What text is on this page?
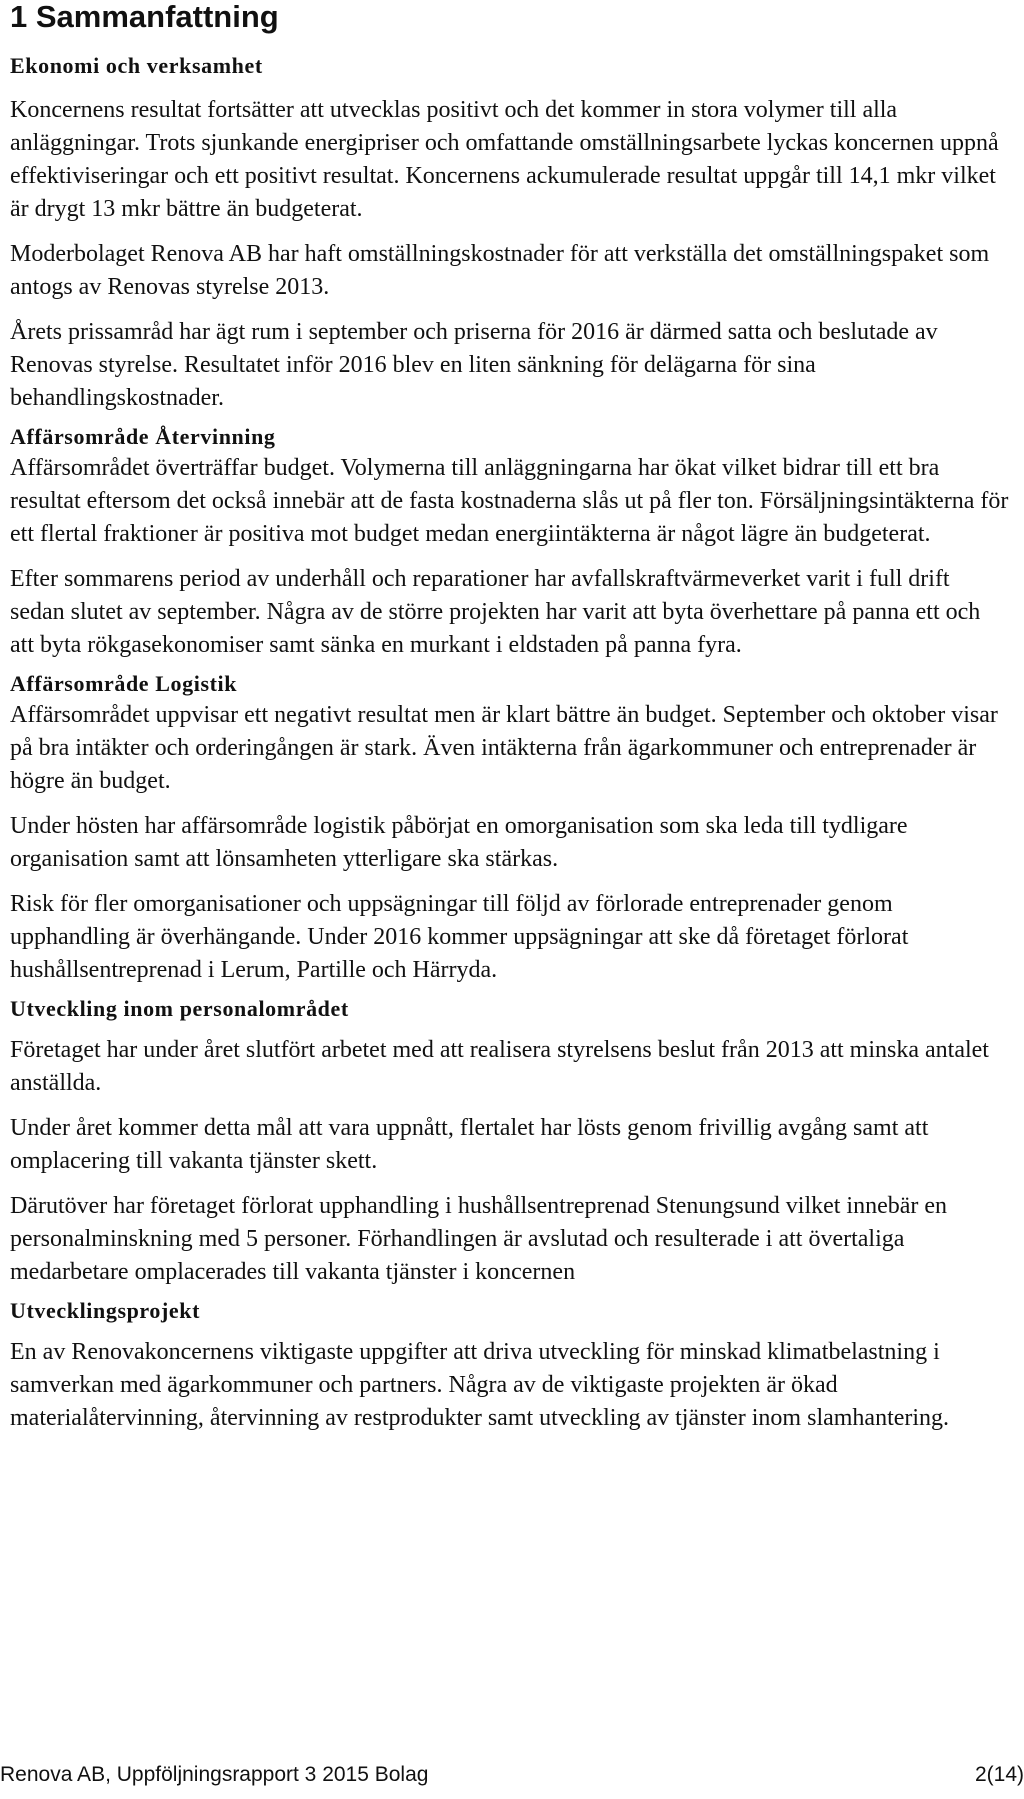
1 Sammanfattning
Ekonomi och verksamhet

Koncernens resultat fortsätter att utvecklas positivt och det kommer in stora volymer till alla anläggningar. Trots sjunkande energipriser och omfattande omställningsarbete lyckas koncernen uppnå effektiviseringar och ett positivt resultat. Koncernens ackumulerade resultat uppgår till 14,1 mkr vilket är drygt 13 mkr bättre än budgeterat.

Moderbolaget Renova AB har haft omställningskostnader för att verkställa det omställningspaket som antogs av Renovas styrelse 2013.

Årets prissamråd har ägt rum i september och priserna för 2016 är därmed satta och beslutade av Renovas styrelse. Resultatet inför 2016 blev en liten sänkning för delägarna för sina behandlingskostnader.

Affärsområde Återvinning

Affärsområdet överträffar budget. Volymerna till anläggningarna har ökat vilket bidrar till ett bra resultat eftersom det också innebär att de fasta kostnaderna slås ut på fler ton. Försäljningsintäkterna för ett flertal fraktioner är positiva mot budget medan energiintäkterna är något lägre än budgeterat.

Efter sommarens period av underhåll och reparationer har avfallskraftvärmeverket varit i full drift sedan slutet av september. Några av de större projekten har varit att byta överhettare på panna ett och att byta rökgasekonomiser samt sänka en murkant i eldstaden på panna fyra.

Affärsområde Logistik

Affärsområdet uppvisar ett negativt resultat men är klart bättre än budget. September och oktober visar på bra intäkter och orderingången är stark. Även intäkterna från ägarkommuner och entreprenader är högre än budget.

Under hösten har affärsområde logistik påbörjat en omorganisation som ska leda till tydligare organisation samt att lönsamheten ytterligare ska stärkas.

Risk för fler omorganisationer och uppsägningar till följd av förlorade entreprenader genom upphandling är överhängande. Under 2016 kommer uppsägningar att ske då företaget förlorat hushållsentreprenad i Lerum, Partille och Härryda.

Utveckling inom personalområdet

Företaget har under året slutfört arbetet med att realisera styrelsens beslut från 2013 att minska antalet anställda.

Under året kommer detta mål att vara uppnått, flertalet har lösts genom frivillig avgång samt att omplacering till vakanta tjänster skett.

Därutöver har företaget förlorat upphandling i hushållsentreprenad Stenungsund vilket innebär en personalminskning med 5 personer. Förhandlingen är avslutad och resulterade i att övertaliga medarbetare omplacerades till vakanta tjänster i koncernen

Utvecklingsprojekt

En av Renovakoncernens viktigaste uppgifter att driva utveckling för minskad klimatbelastning i samverkan med ägarkommuner och partners. Några av de viktigaste projekten är ökad materialåtervinning, återvinning av restprodukter samt utveckling av tjänster inom slamhantering.

Renova AB, Uppföljningsrapport 3 2015 Bolag	2(14)
